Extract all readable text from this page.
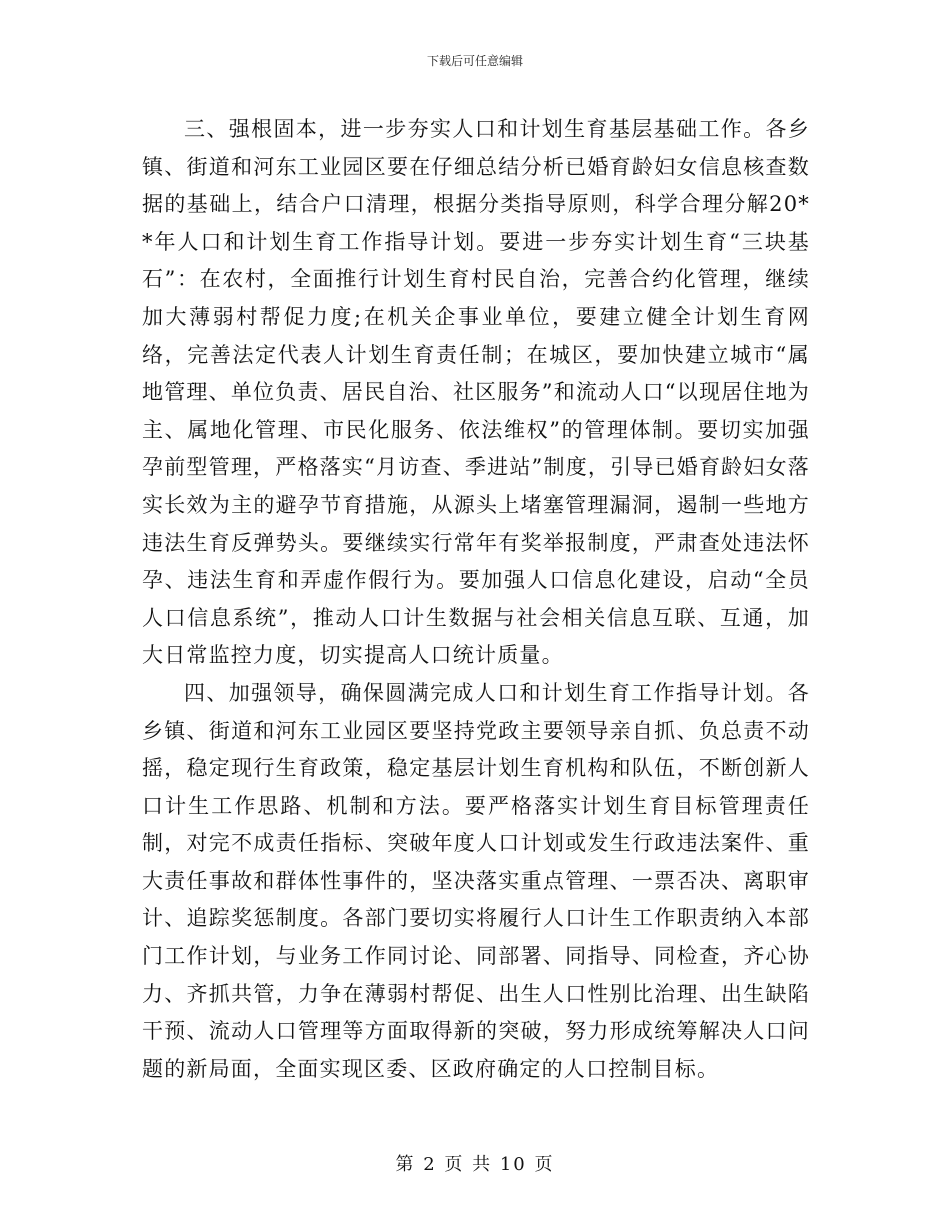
下载后可任意编辑

三、强根固本，进一步夯实人口和计划生育基层基础工作。各乡镇、街道和河东工业园区要在仔细总结分析已婚育龄妇女信息核查数据的基础上，结合户口清理，根据分类指导原则，科学合理分解20**年人口和计划生育工作指导计划。要进一步夯实计划生育“三块基石”：在农村，全面推行计划生育村民自治，完善合约化管理，继续加大薄弱村帮促力度;在机关企事业单位，要建立健全计划生育网络，完善法定代表人计划生育责任制；在城区，要加快建立城市“属地管理、单位负责、居民自治、社区服务”和流动人口“以现居住地为主、属地化管理、市民化服务、依法维权”的管理体制。要切实加强孕前型管理，严格落实“月访查、季进站”制度，引导已婚育龄妇女落实长效为主的避孕节育措施，从源头上堵塞管理漏洞，遏制一些地方违法生育反弹势头。要继续实行常年有奖举报制度，严肃查处违法怀孕、违法生育和弄虚作假行为。要加强人口信息化建设，启动“全员人口信息系统”，推动人口计生数据与社会相关信息互联、互通，加大日常监控力度，切实提高人口统计质量。

四、加强领导，确保圆满完成人口和计划生育工作指导计划。各乡镇、街道和河东工业园区要坚持党政主要领导亲自抓、负总责不动摇，稳定现行生育政策，稳定基层计划生育机构和队伍，不断创新人口计生工作思路、机制和方法。要严格落实计划生育目标管理责任制，对完不成责任指标、突破年度人口计划或发生行政违法案件、重大责任事故和群体性事件的，坚决落实重点管理、一票否决、离职审计、追踪奖惩制度。各部门要切实将履行人口计生工作职责纳入本部门工作计划，与业务工作同讨论、同部署、同指导、同检查，齐心协力、齐抓共管，力争在薄弱村帮促、出生人口性别比治理、出生缺陷干预、流动人口管理等方面取得新的突破，努力形成统筹解决人口问题的新局面，全面实现区委、区政府确定的人口控制目标。

第 2 页 共 10 页
